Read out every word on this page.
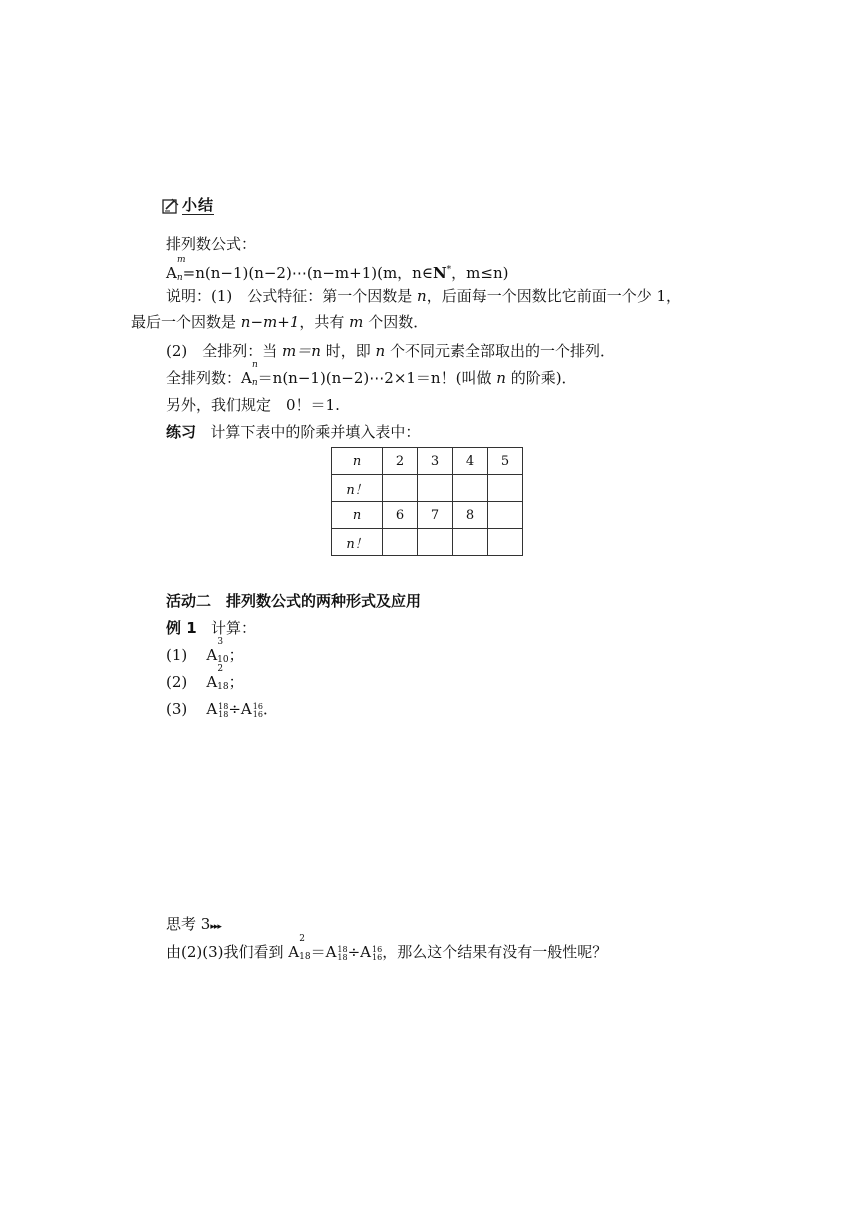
小结
排列数公式：
$A_n$
m
=n(n−1)(n−2)⋯(n−m+1)(m，n∈N*，m≤n)
说明：(1)　公式特征：第一个因数是 n，后面每一个因数比它前面一个少 1，
最后一个因数是 n−m+1，共有 m 个因数．
(2)　全排列：当 m＝n 时，即 n 个不同元素全部取出的一个排列．
全排列数：$A_n$
n
＝n(n−1)(n−2)⋯2×1＝n！(叫做 n 的阶乘)．
另外，我们规定　0！＝1.
练习 计算下表中的阶乘并填入表中：
n	2	3	4	5
n！				
n	6	7	8	
n！				
活动二　排列数公式的两种形式及应用
例 1 计算：
(1) $A_{10}$
3
；
(2) $A_{18}$
2
；
(3)    A 18
18 ÷A 16
16 ．
思考 3▸▸▸
由(2)(3)我们看到 $A_{18}$
2
＝A 18
18 ÷A 16
16 ，那么这个结果有没有一般性呢？
